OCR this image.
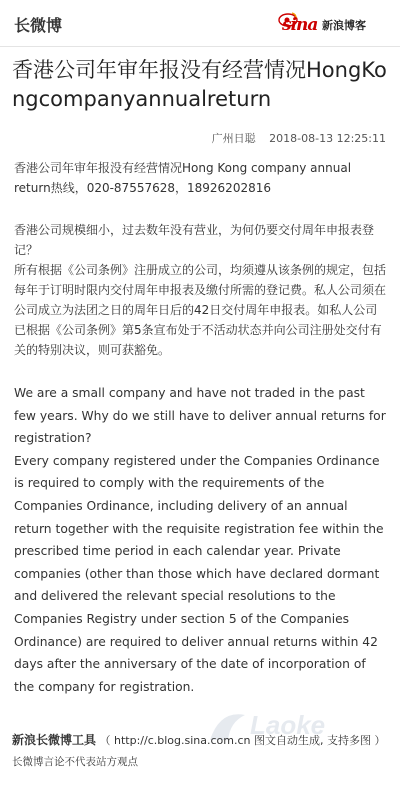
长微博	sina 新浪博客
香港公司年审年报没有经营情况HongKongcompanyannualreturn
广州日聪 2018-08-13 12:25:11

香港公司年审年报没有经营情况Hong Kong company annual return热线，020-87557628，18926202816

香港公司规模细小，过去数年没有营业，为何仍要交付周年申报表登记？

所有根据《公司条例》注册成立的公司，均须遵从该条例的规定，包括每年于订明时限内交付周年申报表及缴付所需的登记费。私人公司须在公司成立为法团之日的周年日后的42日交付周年申报表。如私人公司已根据《公司条例》第5条宣布处于不活动状态并向公司注册处交付有关的特别决议，则可获豁免。

We are a small company and have not traded in the past few years. Why do we still have to deliver annual returns for registration?

Every company registered under the Companies Ordinance is required to comply with the requirements of the Companies Ordinance, including delivery of an annual return together with the requisite registration fee within the prescribed time period in each calendar year. Private companies (other than those which have declared dormant and delivered the relevant special resolutions to the Companies Registry under section 5 of the Companies Ordinance) are required to deliver annual returns within 42 days after the anniversary of the date of incorporation of the company for registration.

Laoke
新浪长微博工具 （ http://c.blog.sina.com.cn 图文自动生成, 支持多图 ）
长微博言论不代表站方观点
